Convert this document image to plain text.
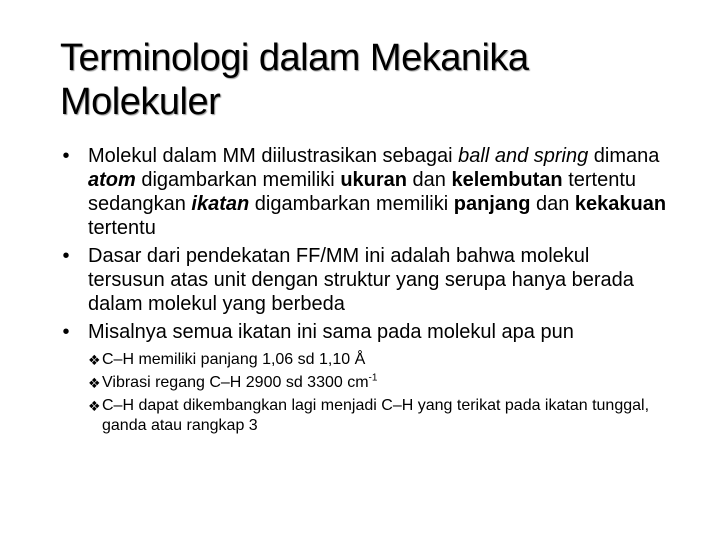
Terminologi dalam Mekanika Molekuler
• Molekul dalam MM diilustrasikan sebagai ball and spring dimana atom digambarkan memiliki ukuran dan kelembutan tertentu sedangkan ikatan digambarkan memiliki panjang dan kekakuan tertentu
• Dasar dari pendekatan FF/MM ini adalah bahwa molekul tersusun atas unit dengan struktur yang serupa hanya berada dalam molekul yang berbeda
• Misalnya semua ikatan ini sama pada molekul apa pun
❖ C–H memiliki panjang 1,06 sd 1,10 Å
❖ Vibrasi regang C–H 2900 sd 3300 $cm^{-1}$
❖ C–H dapat dikembangkan lagi menjadi C–H yang terikat pada ikatan tunggal, ganda atau rangkap 3
